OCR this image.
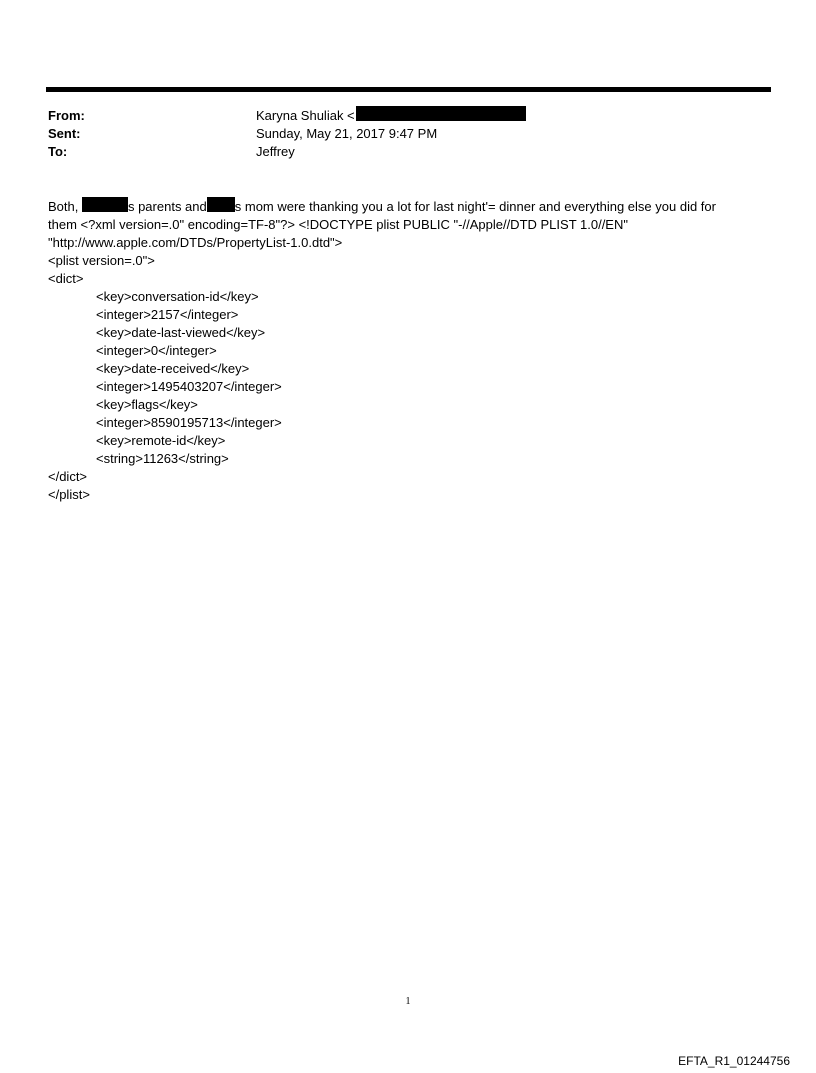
From:	Karyna Shuliak <
Sent:	Sunday, May 21, 2017 9:47 PM
To:	Jeffrey
Both,	s parents and s mom were thanking you a lot for last night'= dinner and everything else you did for
them <?xml version=.0" encoding=TF-8"?> <!DOCTYPE plist PUBLIC "-//Apple//DTD PLIST 1.0//EN"
"http://www.apple.com/DTDs/PropertyList-1.0.dtd">
<plist version=.0">
<dict>
<key>conversation-id</key>
<integer>2157</integer>
<key>date-last-viewed</key>
<integer>0</integer>
<key>date-received</key>
<integer>1495403207</integer>
<key>flags</key>
<integer>8590195713</integer>
<key>remote-id</key>
<string>11263</string>
</dict>
</plist>
1
EFTA_R1_01244756
